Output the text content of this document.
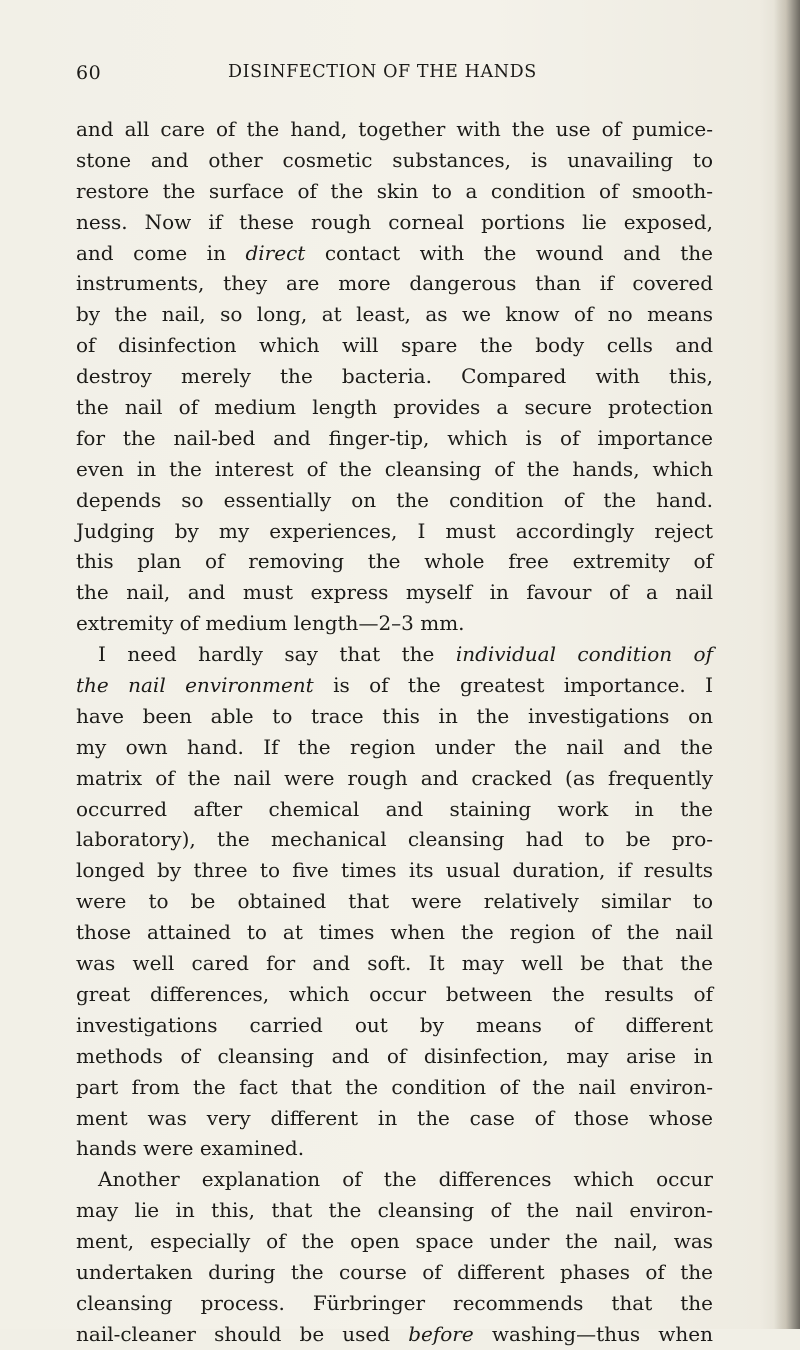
60	DISINFECTION OF THE HANDS
and all care of the hand, together with the use of pumice-
stone and other cosmetic substances, is unavailing to
restore the surface of the skin to a condition of smooth-
ness. Now if these rough corneal portions lie exposed,
and come in direct contact with the wound and the
instruments, they are more dangerous than if covered
by the nail, so long, at least, as we know of no means
of disinfection which will spare the body cells and
destroy merely the bacteria. Compared with this,
the nail of medium length provides a secure protection
for the nail-bed and finger-tip, which is of importance
even in the interest of the cleansing of the hands, which
depends so essentially on the condition of the hand.
Judging by my experiences, I must accordingly reject
this plan of removing the whole free extremity of
the nail, and must express myself in favour of a nail
extremity of medium length—2–3 mm.
I need hardly say that the individual condition of
the nail environment is of the greatest importance. I
have been able to trace this in the investigations on
my own hand. If the region under the nail and the
matrix of the nail were rough and cracked (as frequently
occurred after chemical and staining work in the
laboratory), the mechanical cleansing had to be pro-
longed by three to five times its usual duration, if results
were to be obtained that were relatively similar to
those attained to at times when the region of the nail
was well cared for and soft. It may well be that the
great differences, which occur between the results of
investigations carried out by means of different
methods of cleansing and of disinfection, may arise in
part from the fact that the condition of the nail environ-
ment was very different in the case of those whose
hands were examined.
Another explanation of the differences which occur
may lie in this, that the cleansing of the nail environ-
ment, especially of the open space under the nail, was
undertaken during the course of different phases of the
cleansing process. Fürbringer recommends that the
nail-cleaner should be used before washing—thus when
